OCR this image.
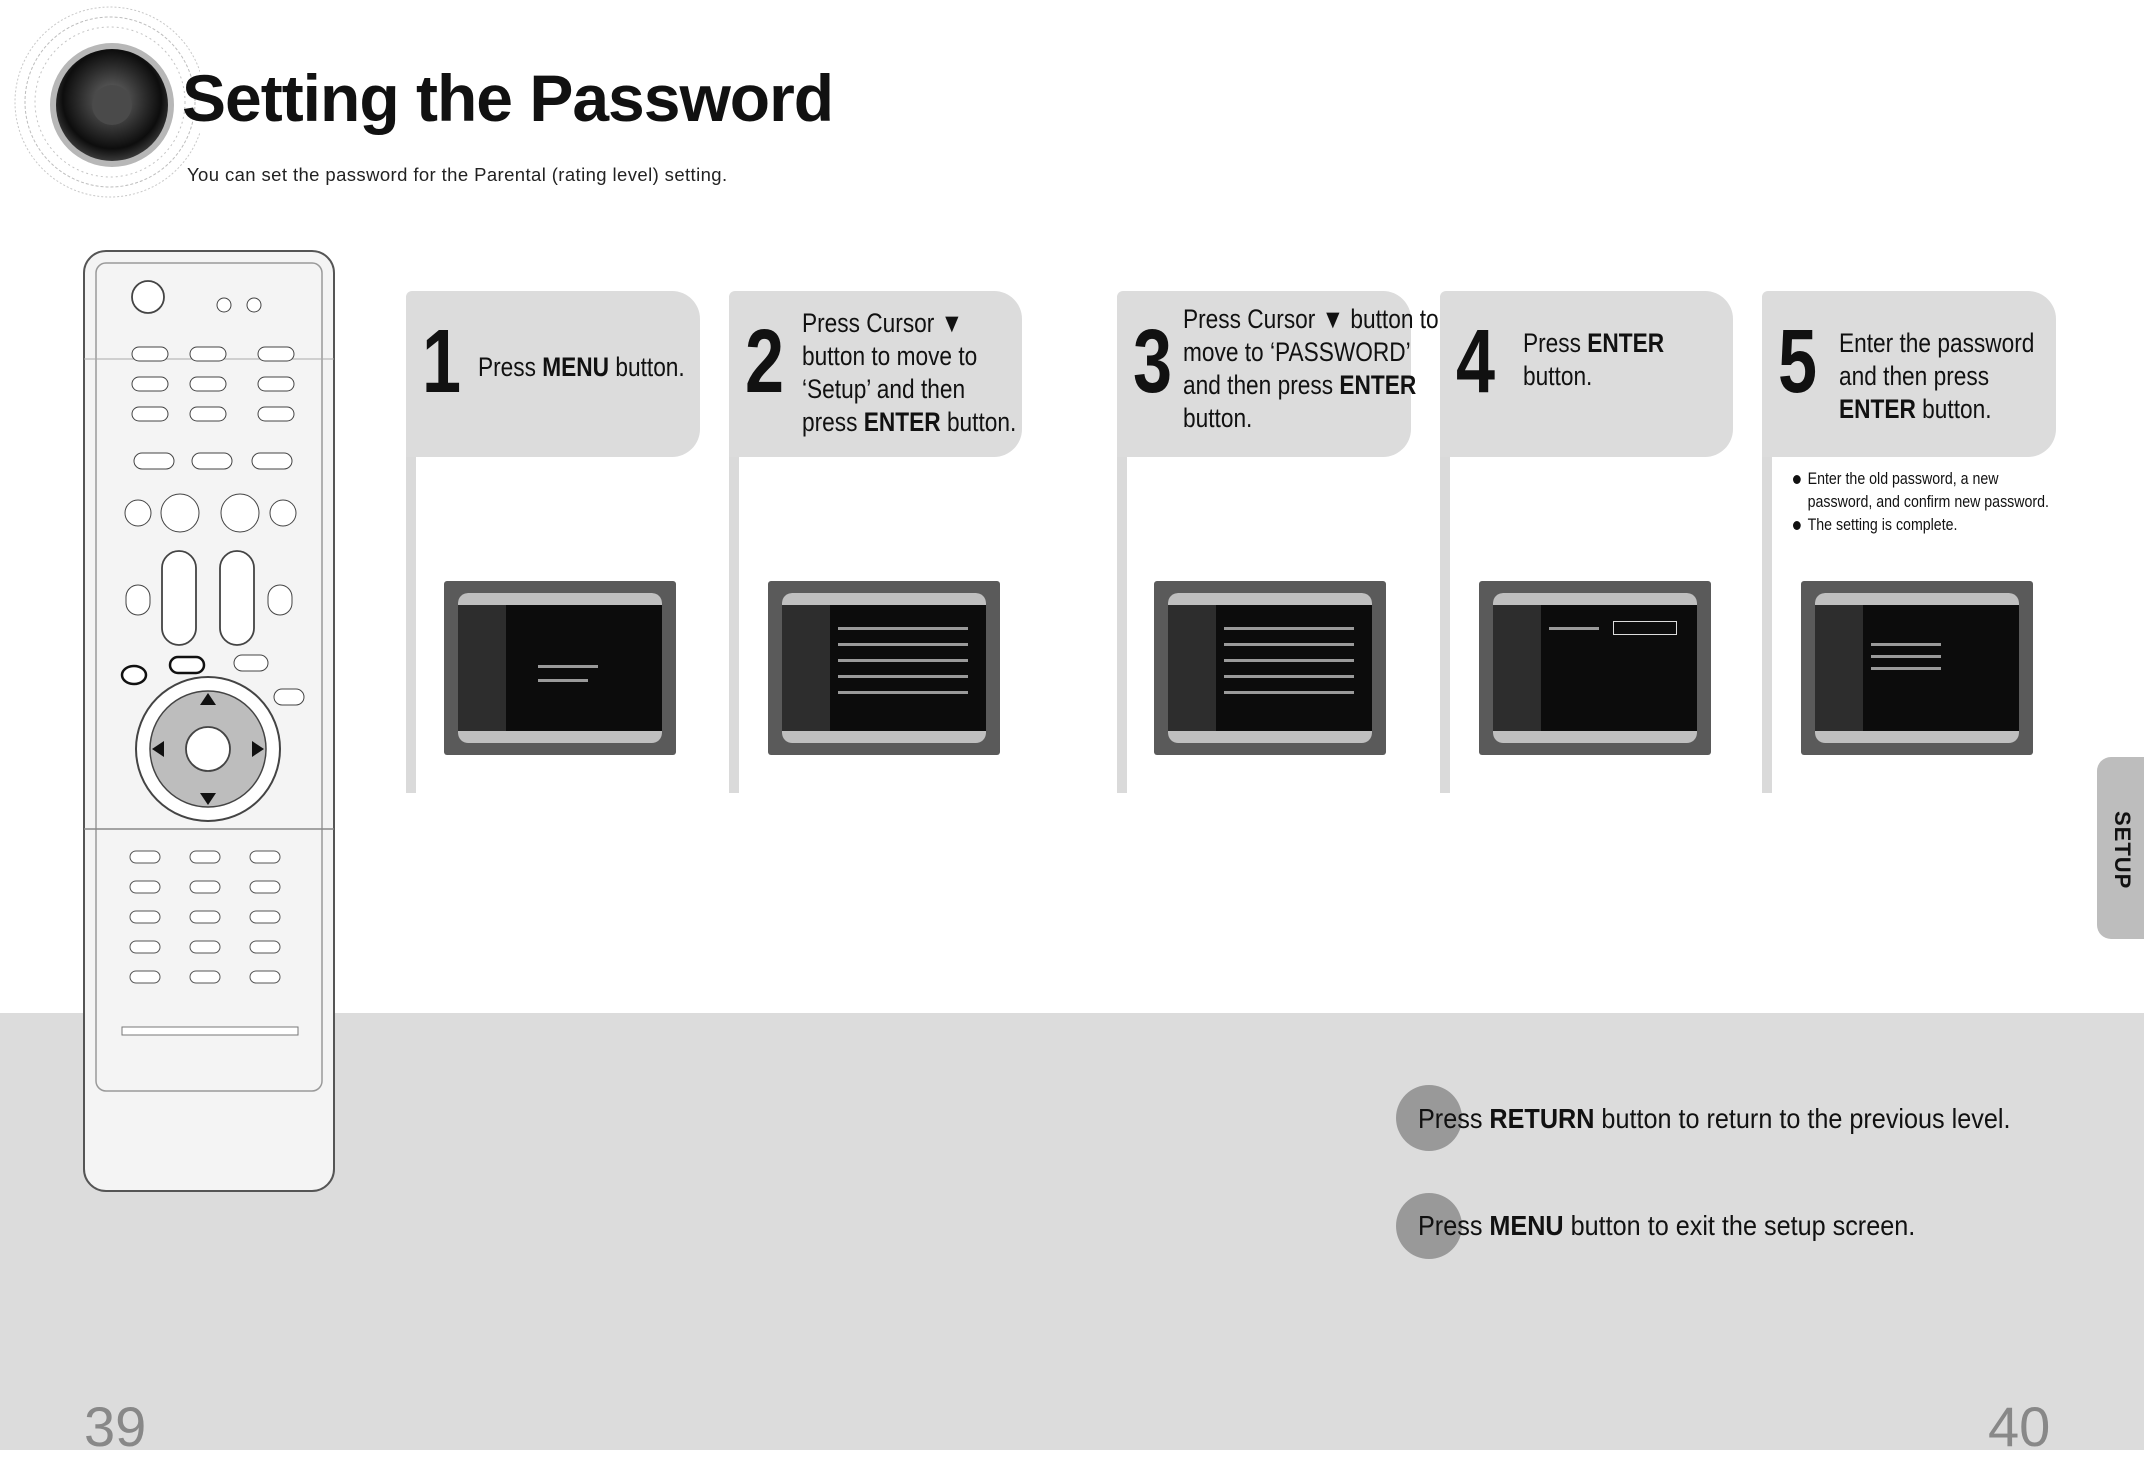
Setting the Password
You can set the password for the Parental (rating level) setting.
1 Press MENU button. 2 Press Cursor ▼
button to move to
‘Setup’ and then
press ENTER button.
3 Press Cursor ▼ button to
move to ‘PASSWORD’
and then press ENTER
button.
4 Press ENTER
button.	5 Enter the password
and then press
ENTER button.
Enter the old password, a new
password, and confirm new password.
The setting is complete.
Press RETURN button to return to the previous level.
Press MENU button to exit the setup screen.
SETUP
39	40
